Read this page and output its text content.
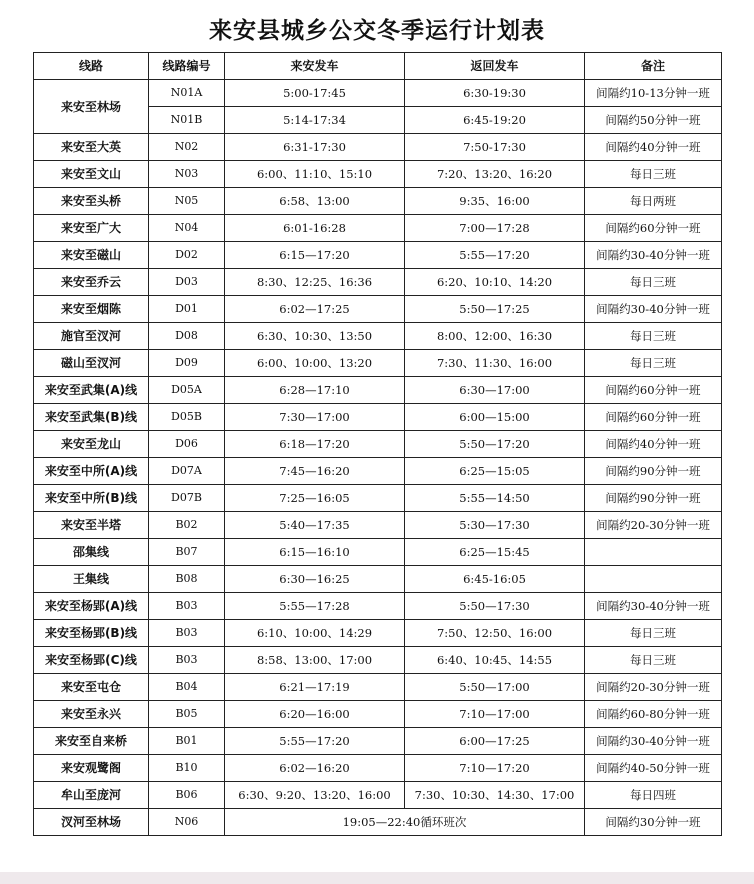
来安县城乡公交冬季运行计划表
线路	线路编号	来安发车	返回发车	备注
来安至林场	N01A	5:00-17:45	6:30-19:30	间隔约10-13分钟一班
	N01B	5:14-17:34	6:45-19:20	间隔约50分钟一班
来安至大英	N02	6:31-17:30	7:50-17:30	间隔约40分钟一班
来安至文山	N03	6:00、11:10、15:10	7:20、13:20、16:20	每日三班
来安至头桥	N05	6:58、13:00	9:35、16:00	每日两班
来安至广大	N04	6:01-16:28	7:00—17:28	间隔约60分钟一班
来安至磁山	D02	6:15—17:20	5:55—17:20	间隔约30-40分钟一班
来安至乔云	D03	8:30、12:25、16:36	6:20、10:10、14:20	每日三班
来安至烟陈	D01	6:02—17:25	5:50—17:25	间隔约30-40分钟一班
施官至汊河	D08	6:30、10:30、13:50	8:00、12:00、16:30	每日三班
磁山至汊河	D09	6:00、10:00、13:20	7:30、11:30、16:00	每日三班
来安至武集(A)线	D05A	6:28—17:10	6:30—17:00	间隔约60分钟一班
来安至武集(B)线	D05B	7:30—17:00	6:00—15:00	间隔约60分钟一班
来安至龙山	D06	6:18—17:20	5:50—17:20	间隔约40分钟一班
来安至中所(A)线	D07A	7:45—16:20	6:25—15:05	间隔约90分钟一班
来安至中所(B)线	D07B	7:25—16:05	5:55—14:50	间隔约90分钟一班
来安至半塔	B02	5:40—17:35	5:30—17:30	间隔约20-30分钟一班
邵集线	B07	6:15—16:10	6:25—15:45	
王集线	B08	6:30—16:25	6:45-16:05	
来安至杨郢(A)线	B03	5:55—17:28	5:50—17:30	间隔约30-40分钟一班
来安至杨郢(B)线	B03	6:10、10:00、14:29	7:50、12:50、16:00	每日三班
来安至杨郢(C)线	B03	8:58、13:00、17:00	6:40、10:45、14:55	每日三班
来安至屯仓	B04	6:21—17:19	5:50—17:00	间隔约20-30分钟一班
来安至永兴	B05	6:20—16:00	7:10—17:00	间隔约60-80分钟一班
来安至自来桥	B01	5:55—17:20	6:00—17:25	间隔约30-40分钟一班
来安观鹭阁	B10	6:02—16:20	7:10—17:20	间隔约40-50分钟一班
牟山至庞河	B06	6:30、9:20、13:20、16:00	7:30、10:30、14:30、17:00	每日四班
汊河至林场	N06	19:05—22:40循环班次		间隔约30分钟一班
